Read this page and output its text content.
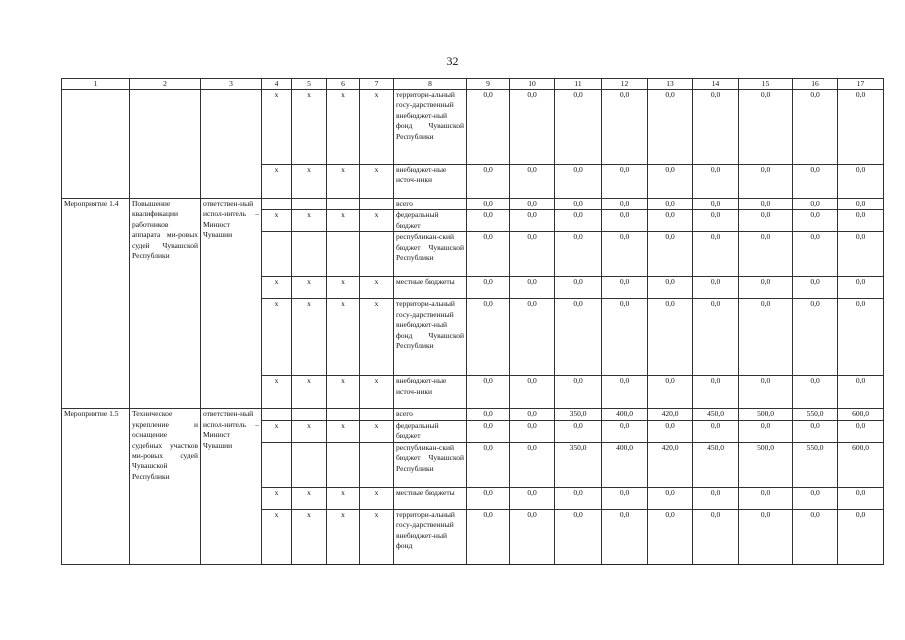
32
1	2	3	4	5	6	7	8	9	10	11	12	13	14	15	16	17
			x	x	x	x	территори-альный госу-дарственный внебюджет-ный фонд Чувашской Республики	0,0	0,0	0,0	0,0	0,0	0,0	0,0	0,0	0,0
			x	x	x	x	внебюджет-ные источ-ники	0,0	0,0	0,0	0,0	0,0	0,0	0,0	0,0	0,0
Мероприятие 1.4	Повышение квалификации работников аппарата ми-ровых судей Чувашской Республики	ответствен-ный испол-нитель – Минюст Чувашии					всего	0,0	0,0	0,0	0,0	0,0	0,0	0,0	0,0	0,0
			x	x	x	x	федеральный бюджет	0,0	0,0	0,0	0,0	0,0	0,0	0,0	0,0	0,0
							республикан-ский бюджет Чувашской Республики	0,0	0,0	0,0	0,0	0,0	0,0	0,0	0,0	0,0
			x	x	x	x	местные бюджеты	0,0	0,0	0,0	0,0	0,0	0,0	0,0	0,0	0,0
			x	x	x	x	территори-альный госу-дарственный внебюджет-ный фонд Чувашской Республики	0,0	0,0	0,0	0,0	0,0	0,0	0,0	0,0	0,0
			x	x	x	x	внебюджет-ные источ-ники	0,0	0,0	0,0	0,0	0,0	0,0	0,0	0,0	0,0
Мероприятие 1.5	Техническое укрепление и оснащение судебных участков ми-ровых судей Чувашской Республики	ответствен-ный испол-нитель – Минюст Чувашии					всего	0,0	0,0	350,0	400,0	420,0	450,0	500,0	550,0	600,0
			x	x	x	x	федеральный бюджет	0,0	0,0	0,0	0,0	0,0	0,0	0,0	0,0	0,0
							республикан-ский бюджет Чувашской Республики	0,0	0,0	350,0	400,0	420,0	450,0	500,0	550,0	600,0
			x	x	x	x	местные бюджеты	0,0	0,0	0,0	0,0	0,0	0,0	0,0	0,0	0,0
			x	x	x	x	территори-альный госу-дарственный внебюджет-ный фонд	0,0	0,0	0,0	0,0	0,0	0,0	0,0	0,0	0,0
